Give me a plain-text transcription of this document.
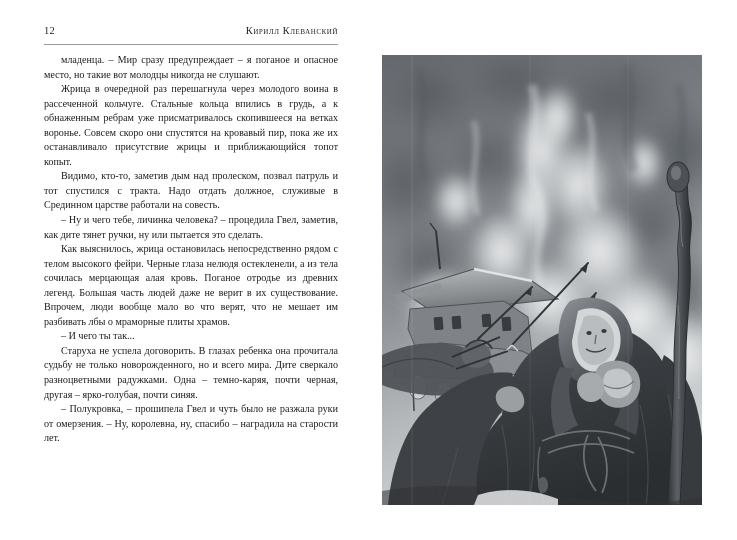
12	Кирилл Клеванский

младенца. – Мир сразу предупреждает – я поганое и опасное место, но такие вот молодцы никогда не слушают.

Жрица в очередной раз перешагнула через молодого воина в рассеченной кольчуге. Стальные кольца впились в грудь, а к обнаженным ребрам уже присматривалось скопившееся на ветках воронье. Совсем скоро они спустятся на кровавый пир, пока же их останавливало присутствие жрицы и приближающийся топот копыт.

Видимо, кто-то, заметив дым над пролеском, позвал патруль и тот спустился с тракта. Надо отдать должное, служивые в Срединном царстве работали на совесть.

– Ну и чего тебе, личинка человека? – процедила Гвел, заметив, как дите тянет ручки, ну или пытается это сделать.

Как выяснилось, жрица остановилась непосредственно рядом с телом высокого фейри. Черные глаза нелюдя остекленели, а из тела сочилась мерцающая алая кровь. Поганое отродье из древних легенд. Большая часть людей даже не верит в их существование. Впрочем, люди вообще мало во что верят, что не мешает им разбивать лбы о мраморные плиты храмов.

– И чего ты так...

Старуха не успела договорить. В глазах ребенка она прочитала судьбу не только новорожденного, но и всего мира. Дите сверкало разноцветными радужками. Одна – темно-каряя, почти черная, другая – ярко-голубая, почти синяя.

– Полукровка, – прошипела Гвел и чуть было не разжала руки от омерзения. – Ну, королевна, ну, спасибо – наградила на старости лет.
